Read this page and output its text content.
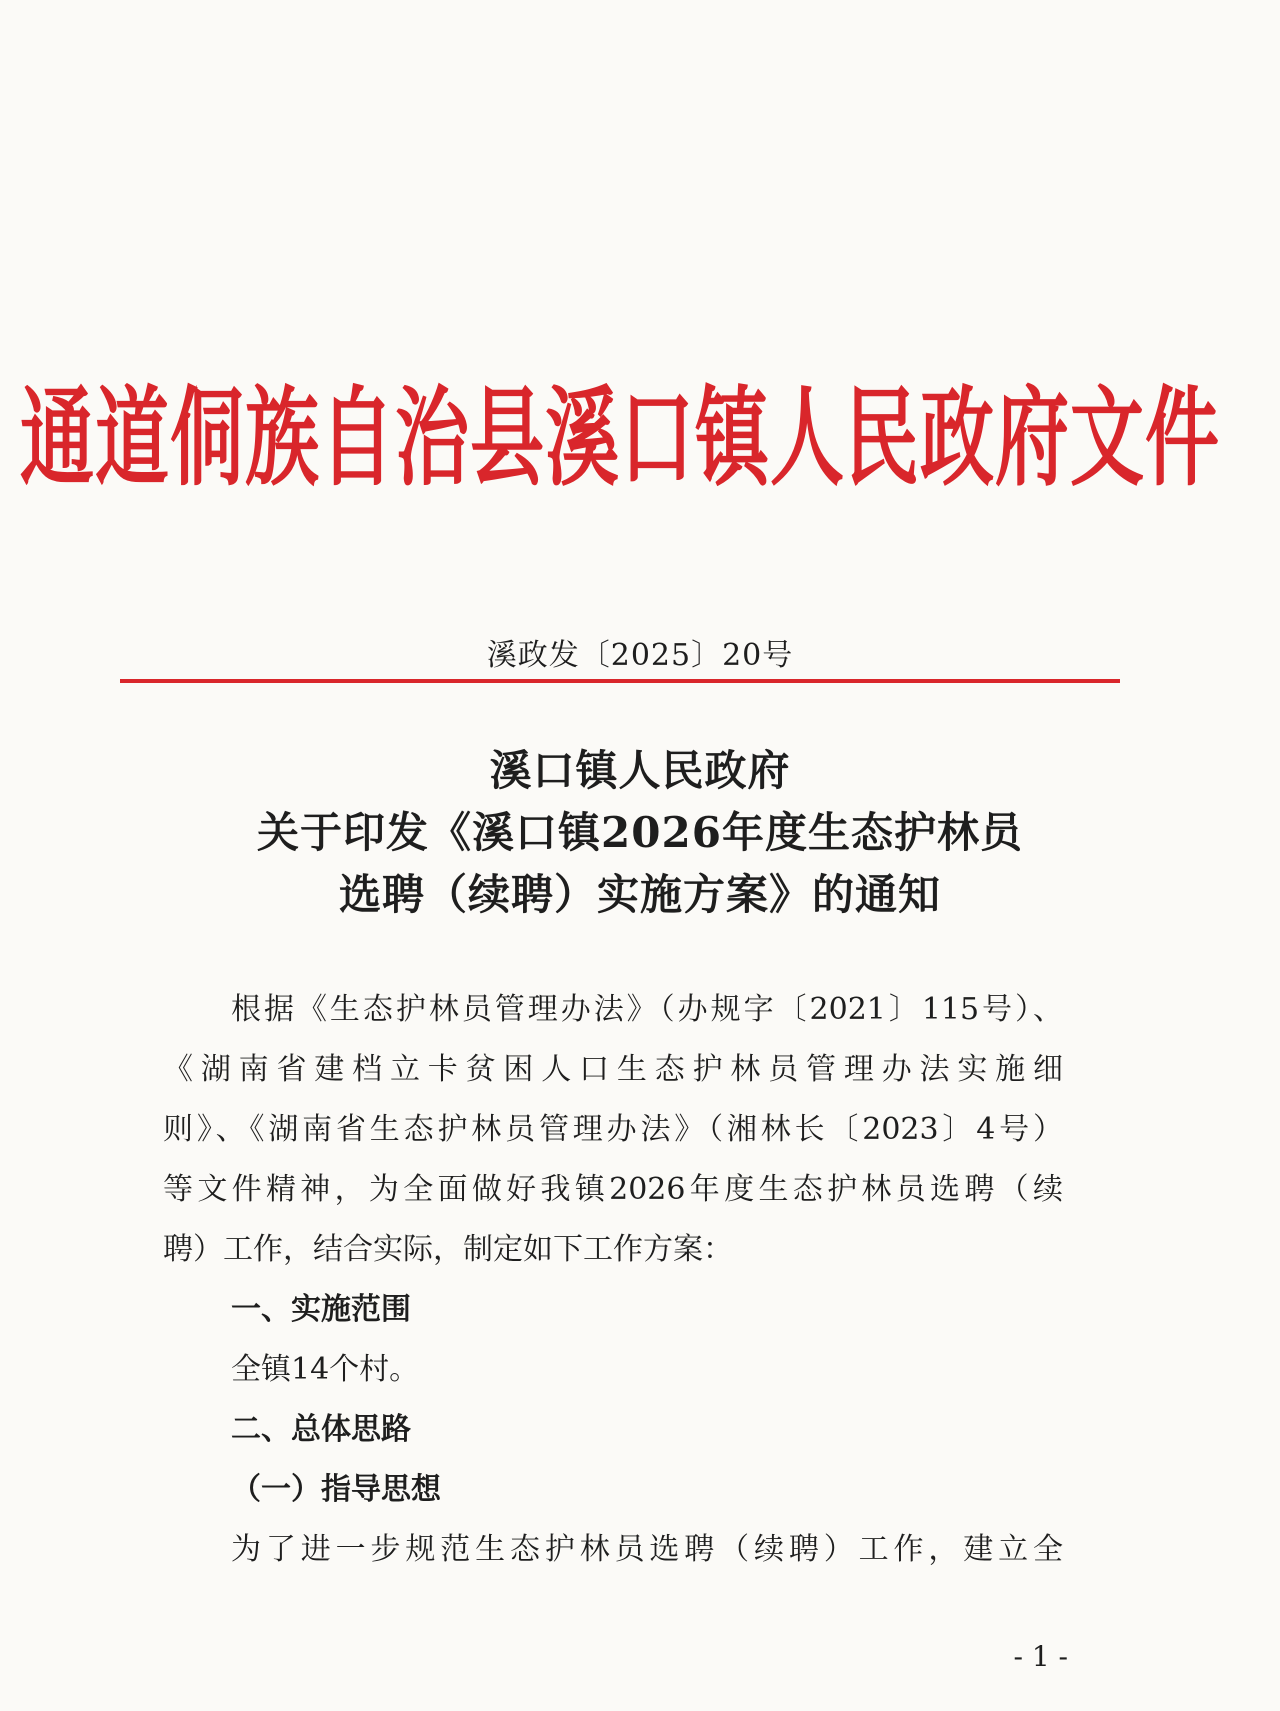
通道侗族自治县溪口镇人民政府文件
溪政发〔2025〕20号
溪口镇人民政府
关于印发《溪口镇2026年度生态护林员
选聘（续聘）实施方案》的通知
根据《生态护林员管理办法》（办规字〔2021〕115号）、
《湖南省建档立卡贫困人口生态护林员管理办法实施细
则》、《湖南省生态护林员管理办法》（湘林长〔2023〕4号）
等文件精神，为全面做好我镇2026年度生态护林员选聘（续
聘）工作，结合实际，制定如下工作方案：
一、实施范围
全镇14个村。
二、总体思路
（一）指导思想
为了进一步规范生态护林员选聘（续聘）工作，建立全
- 1 -
